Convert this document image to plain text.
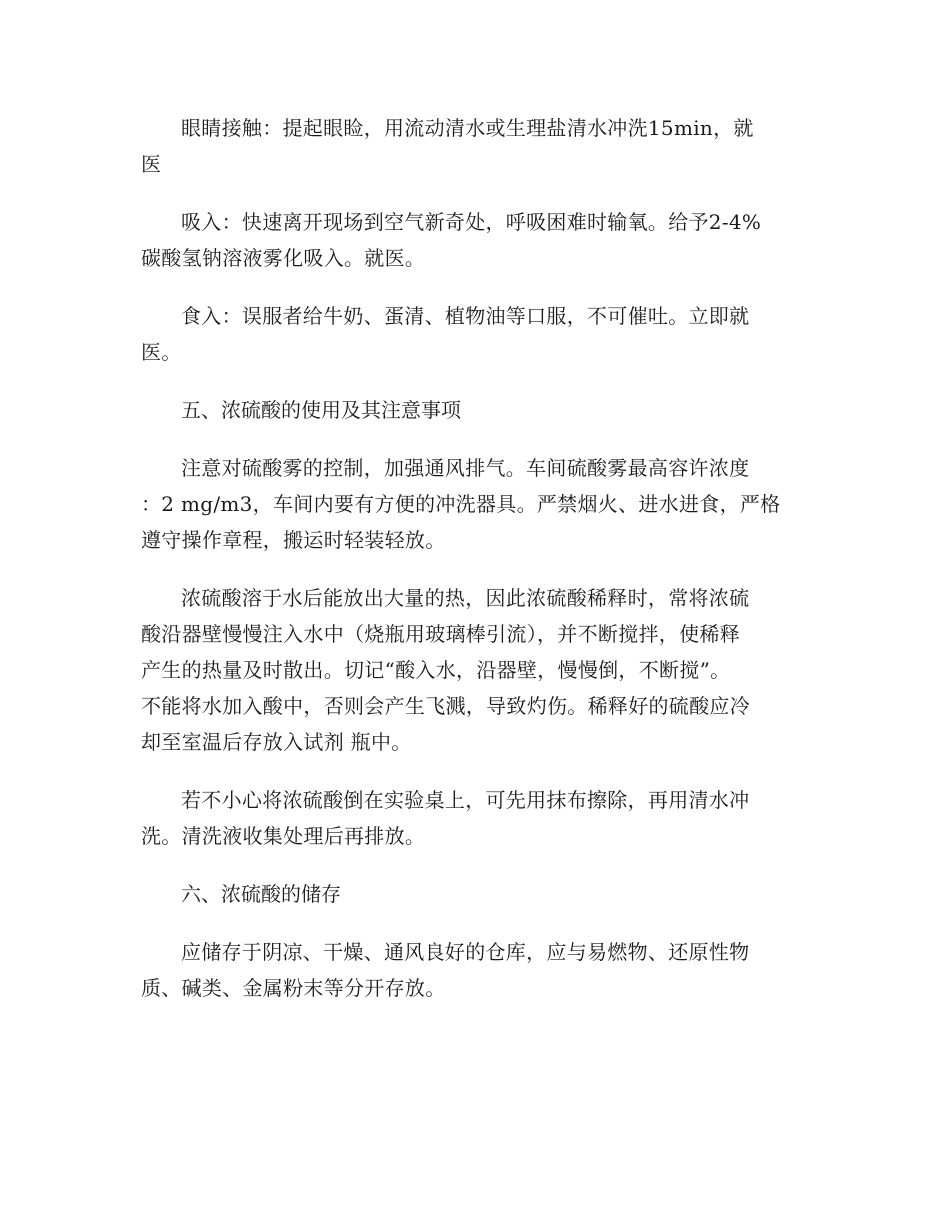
眼睛接触：提起眼睑，用流动清水或生理盐清水冲洗15min，就
医

吸入：快速离开现场到空气新奇处，呼吸困难时输氧。给予2-4%
碳酸氢钠溶液雾化吸入。就医。

食入：误服者给牛奶、蛋清、植物油等口服，不可催吐。立即就
医。

五、浓硫酸的使用及其注意事项

注意对硫酸雾的控制，加强通风排气。车间硫酸雾最高容许浓度
：2 mg/m3，车间内要有方便的冲洗器具。严禁烟火、进水进食，严格
遵守操作章程，搬运时轻装轻放。

浓硫酸溶于水后能放出大量的热，因此浓硫酸稀释时，常将浓硫
酸沿器壁慢慢注入水中（烧瓶用玻璃棒引流），并不断搅拌，使稀释
产生的热量及时散出。切记“酸入水，沿器壁，慢慢倒，不断搅”。
不能将水加入酸中，否则会产生飞溅，导致灼伤。稀释好的硫酸应冷
却至室温后存放入试剂 瓶中。

若不小心将浓硫酸倒在实验桌上，可先用抹布擦除，再用清水冲
洗。清洗液收集处理后再排放。

六、浓硫酸的储存

应储存于阴凉、干燥、通风良好的仓库，应与易燃物、还原性物
质、碱类、金属粉末等分开存放。
